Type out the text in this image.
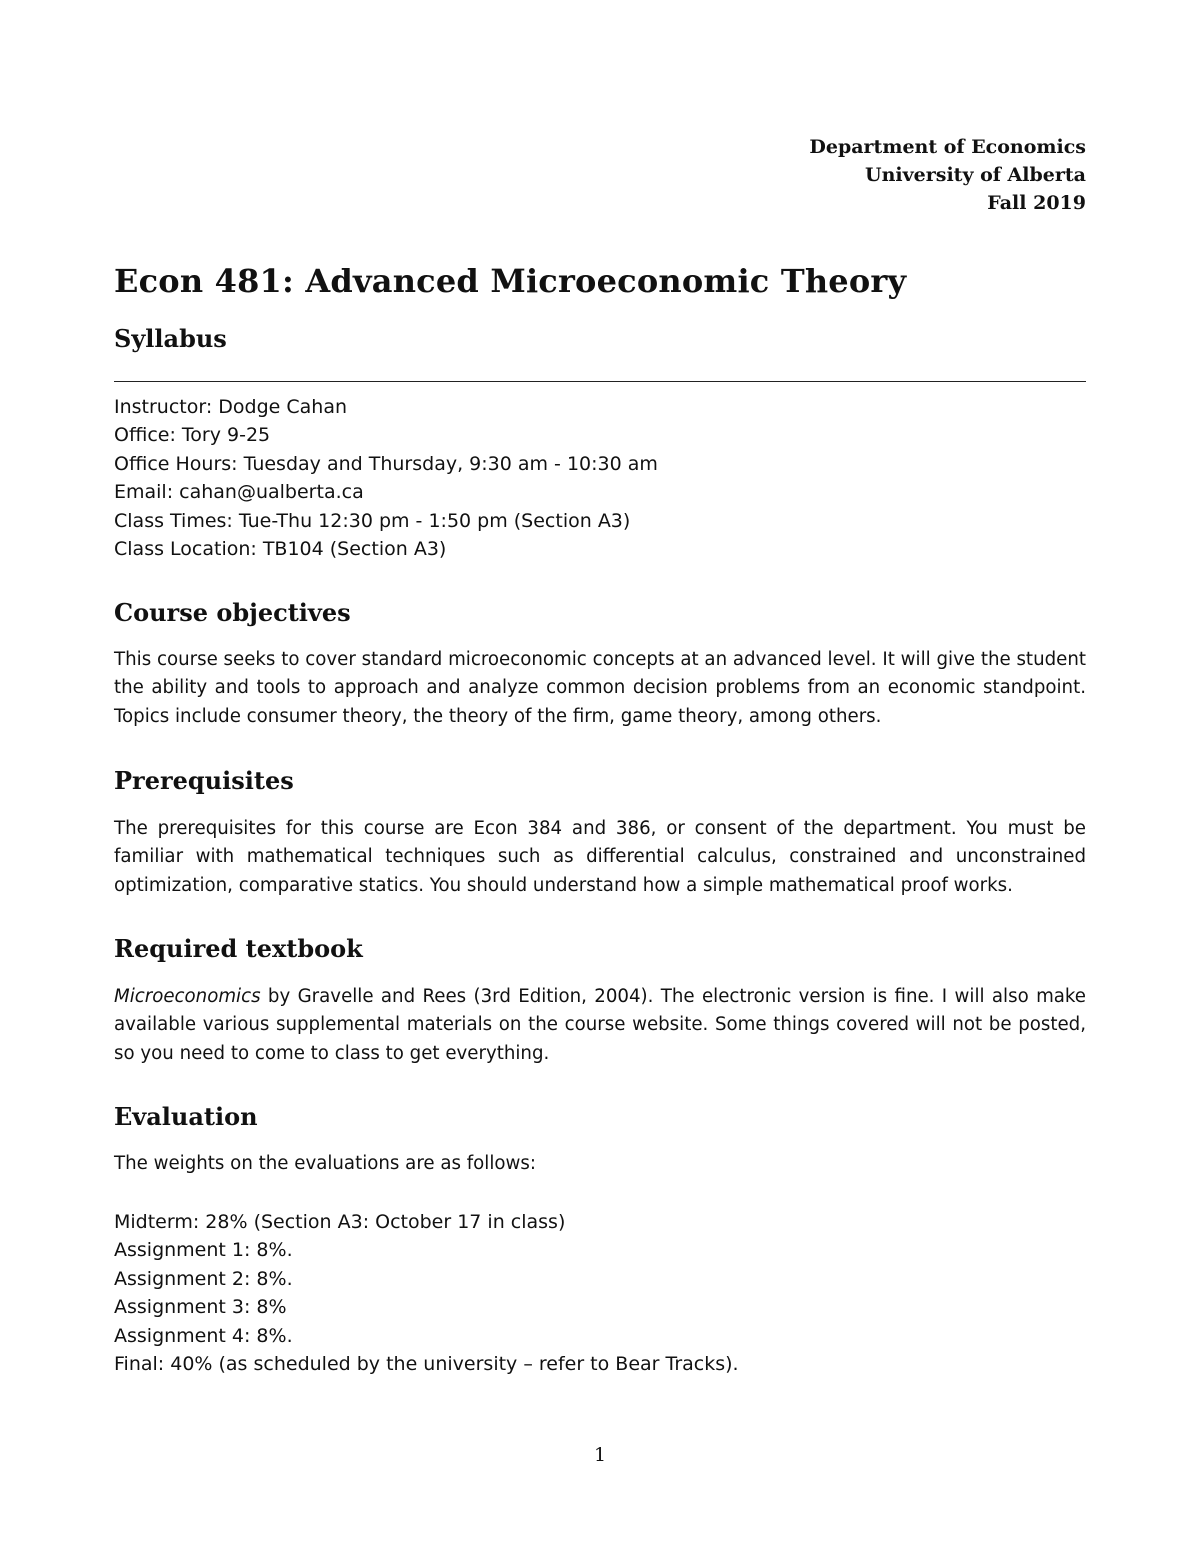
Department of Economics
University of Alberta
Fall 2019
Econ 481: Advanced Microeconomic Theory
Syllabus
Instructor: Dodge Cahan
Office: Tory 9-25
Office Hours: Tuesday and Thursday, 9:30 am - 10:30 am
Email: cahan@ualberta.ca
Class Times: Tue-Thu 12:30 pm - 1:50 pm (Section A3)
Class Location: TB104 (Section A3)
Course objectives

This course seeks to cover standard microeconomic concepts at an advanced level. It will give the student the ability and tools to approach and analyze common decision problems from an economic standpoint. Topics include consumer theory, the theory of the firm, game theory, among others.

Prerequisites

The prerequisites for this course are Econ 384 and 386, or consent of the department. You must be familiar with mathematical techniques such as differential calculus, constrained and unconstrained optimization, comparative statics. You should understand how a simple mathematical proof works.

Required textbook

Microeconomics by Gravelle and Rees (3rd Edition, 2004). The electronic version is fine. I will also make available various supplemental materials on the course website. Some things covered will not be posted, so you need to come to class to get everything.

Evaluation

The weights on the evaluations are as follows:

Midterm: 28% (Section A3: October 17 in class)
Assignment 1: 8%.
Assignment 2: 8%.
Assignment 3: 8%
Assignment 4: 8%.
Final: 40% (as scheduled by the university – refer to Bear Tracks).
1
